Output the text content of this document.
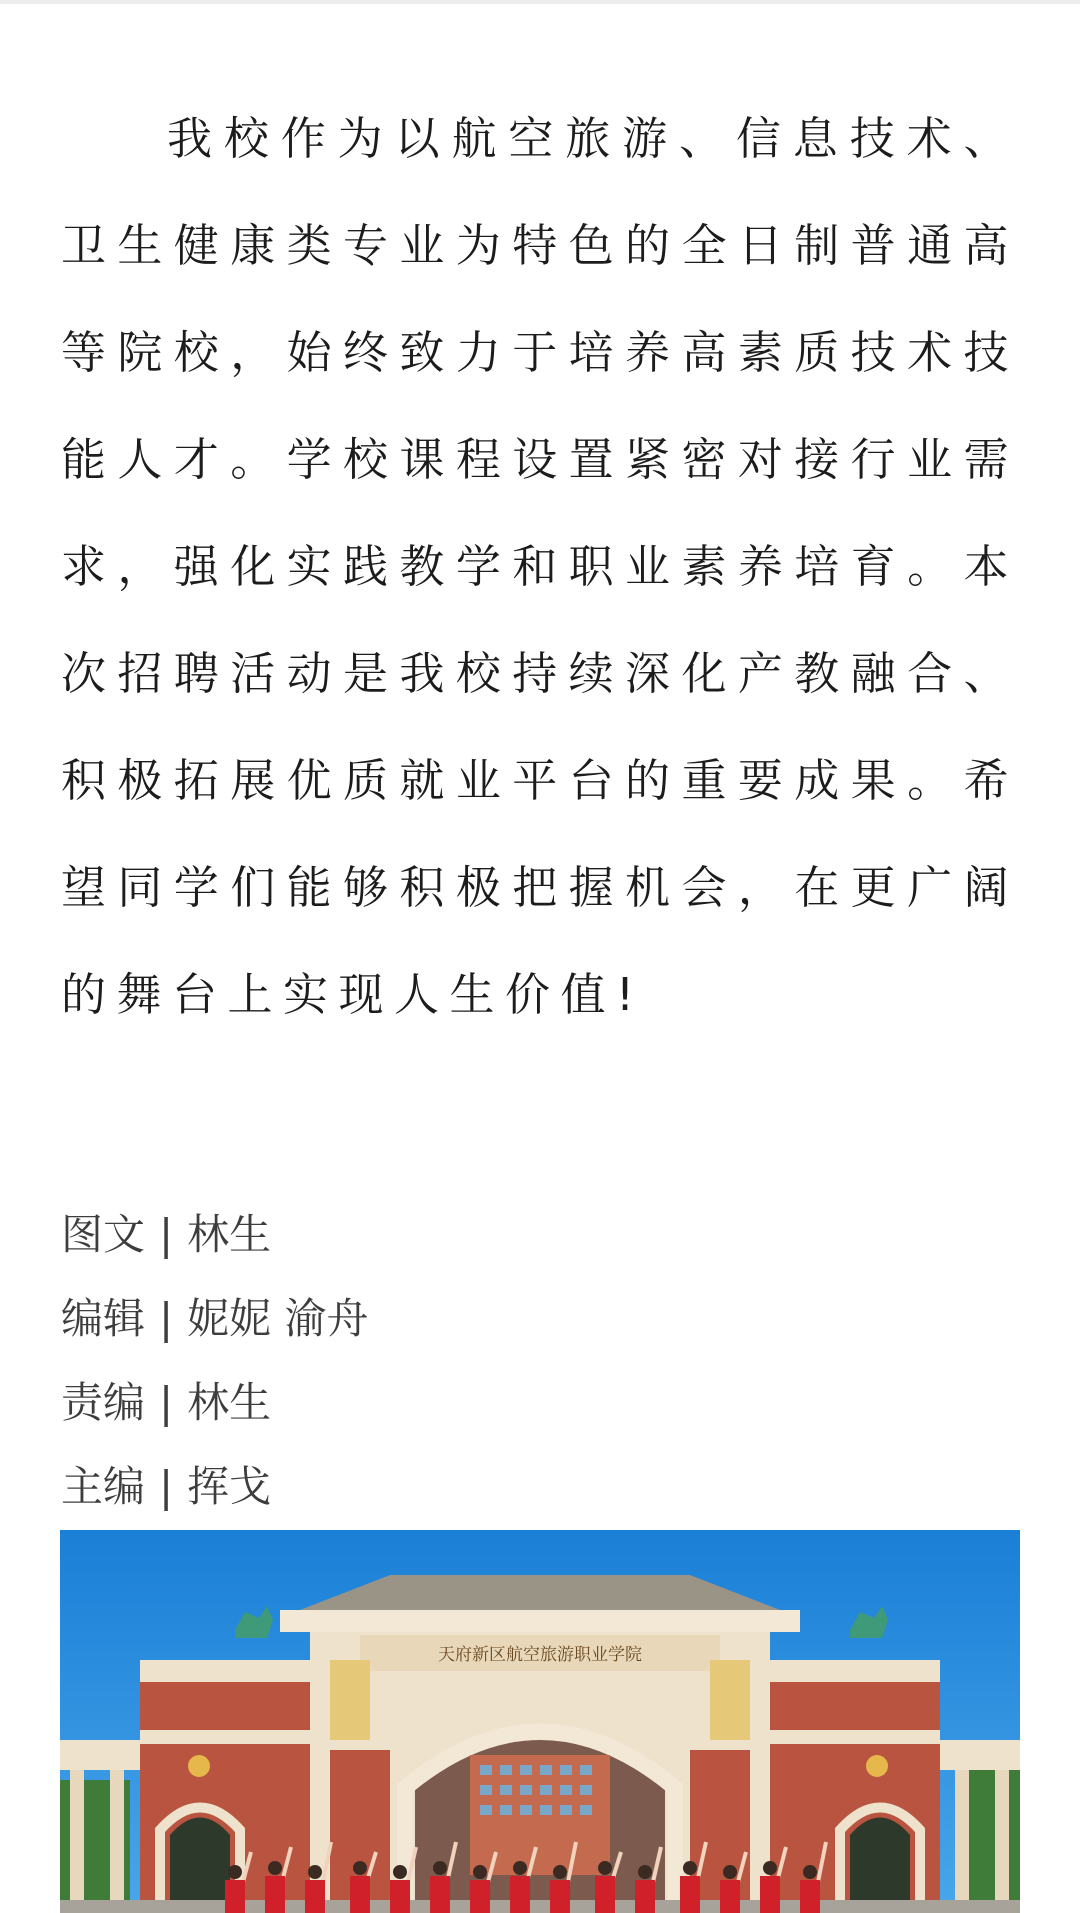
我校作为以航空旅游、信息技术、卫生健康类专业为特色的全日制普通高等院校，始终致力于培养高素质技术技能人才。学校课程设置紧密对接行业需求，强化实践教学和职业素养培育。本次招聘活动是我校持续深化产教融合、积极拓展优质就业平台的重要成果。希望同学们能够积极把握机会，在更广阔的舞台上实现人生价值!

图文 | 林生
编辑 | 妮妮 渝舟
责编 | 林生
主编 | 挥戈
天府新区航空旅游职业学院
